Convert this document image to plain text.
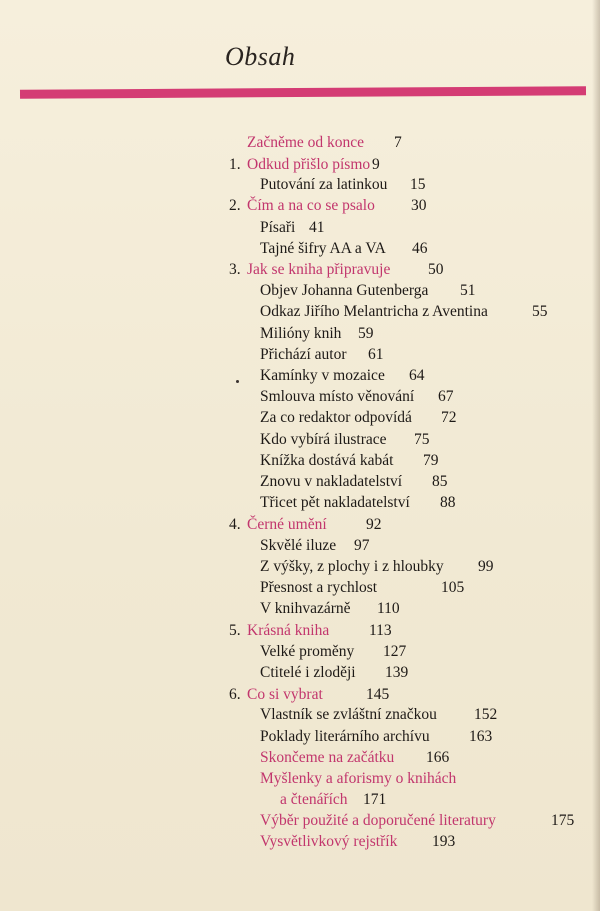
Obsah
Začněme od konce 7
1. Odkud přišlo písmo 9
Putování za latinkou 15
2. Čím a na co se psalo 30
Písaři 41
Tajné šifry AA a VA 46
3. Jak se kniha připravuje 50
Objev Johanna Gutenberga 51
Odkaz Jiřího Melantricha z Aventina	55
Milióny knih 59
Přichází autor 61
Kamínky v mozaice 64
Smlouva místo věnování 67
Za co redaktor odpovídá 72
Kdo vybírá ilustrace 75
Knížka dostává kabát 79
Znovu v nakladatelství 85
Třicet pět nakladatelství 88
4. Černé umění	92
Skvělé iluze 97
Z výšky, z plochy i z hloubky 99
Přesnost a rychlost	105
V knihvazárně 110
5. Krásná kniha	113
Velké proměny 127
Ctitelé i zloději 139
6. Co si vybrat	145
Vlastník se zvláštní značkou 152
Poklady literárního archívu	163
Skončeme na začátku 166
Myšlenky a aforismy o knihách
a čtenářích 171
Výběr použité a doporučené literatury	175
Vysvětlivkový rejstřík 193
